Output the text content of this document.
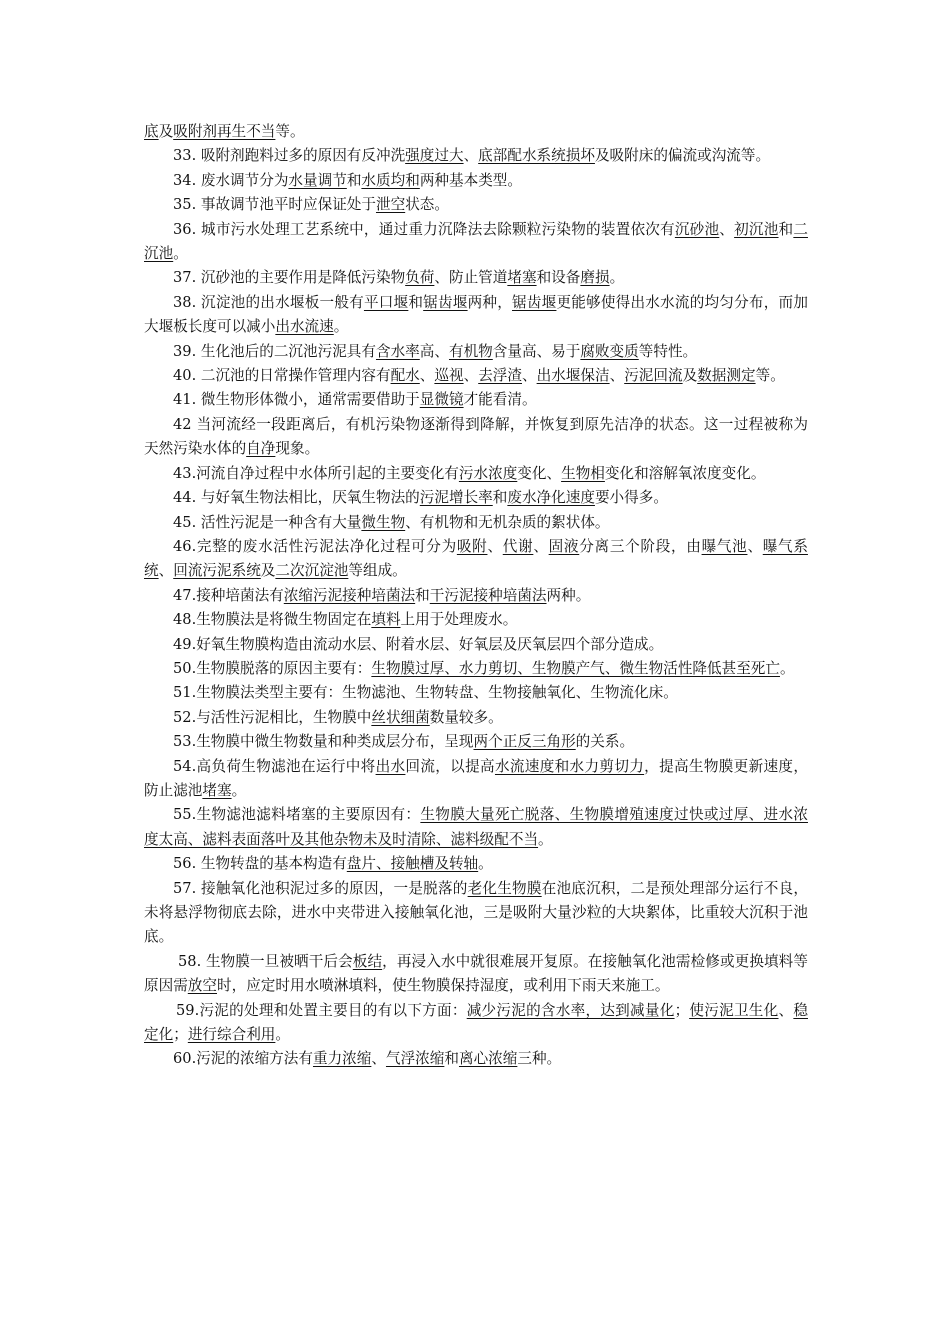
底及吸附剂再生不当等。

33. 吸附剂跑料过多的原因有反冲洗强度过大、底部配水系统损坏及吸附床的偏流或沟流等。

34. 废水调节分为水量调节和水质均和两种基本类型。

35. 事故调节池平时应保证处于泄空状态。

36. 城市污水处理工艺系统中，通过重力沉降法去除颗粒污染物的装置依次有沉砂池、初沉池和二沉池。

37. 沉砂池的主要作用是降低污染物负荷、防止管道堵塞和设备磨损。

38. 沉淀池的出水堰板一般有平口堰和锯齿堰两种，锯齿堰更能够使得出水水流的均匀分布，而加大堰板长度可以减小出水流速。

39. 生化池后的二沉池污泥具有含水率高、有机物含量高、易于腐败变质等特性。

40. 二沉池的日常操作管理内容有配水、巡视、去浮渣、出水堰保洁、污泥回流及数据测定等。

41. 微生物形体微小，通常需要借助于显微镜才能看清。

42 当河流经一段距离后，有机污染物逐渐得到降解，并恢复到原先洁净的状态。这一过程被称为天然污染水体的自净现象。

43.河流自净过程中水体所引起的主要变化有污水浓度变化、生物相变化和溶解氧浓度变化。

44. 与好氧生物法相比，厌氧生物法的污泥增长率和废水净化速度要小得多。

45. 活性污泥是一种含有大量微生物、有机物和无机杂质的絮状体。

46.完整的废水活性污泥法净化过程可分为吸附、代谢、固液分离三个阶段，由曝气池、曝气系统、回流污泥系统及二次沉淀池等组成。

47.接种培菌法有浓缩污泥接种培菌法和干污泥接种培菌法两种。

48.生物膜法是将微生物固定在填料上用于处理废水。

49.好氧生物膜构造由流动水层、附着水层、好氧层及厌氧层四个部分造成。

50.生物膜脱落的原因主要有：生物膜过厚、水力剪切、生物膜产气、微生物活性降低甚至死亡。

51.生物膜法类型主要有：生物滤池、生物转盘、生物接触氧化、生物流化床。

52.与活性污泥相比，生物膜中丝状细菌数量较多。

53.生物膜中微生物数量和种类成层分布，呈现两个正反三角形的关系。

54.高负荷生物滤池在运行中将出水回流，以提高水流速度和水力剪切力，提高生物膜更新速度，防止滤池堵塞。

55.生物滤池滤料堵塞的主要原因有：生物膜大量死亡脱落、生物膜增殖速度过快或过厚、进水浓度太高、滤料表面落叶及其他杂物未及时清除、滤料级配不当。

56. 生物转盘的基本构造有盘片、接触槽及转轴。

57. 接触氧化池积泥过多的原因，一是脱落的老化生物膜在池底沉积，二是预处理部分运行不良，未将悬浮物彻底去除，进水中夹带进入接触氧化池，三是吸附大量沙粒的大块絮体，比重较大沉积于池底。

58. 生物膜一旦被晒干后会板结，再浸入水中就很难展开复原。在接触氧化池需检修或更换填料等原因需放空时，应定时用水喷淋填料，使生物膜保持湿度，或利用下雨天来施工。

59.污泥的处理和处置主要目的有以下方面：减少污泥的含水率，达到减量化；使污泥卫生化、稳定化；进行综合利用。

60.污泥的浓缩方法有重力浓缩、气浮浓缩和离心浓缩三种。
